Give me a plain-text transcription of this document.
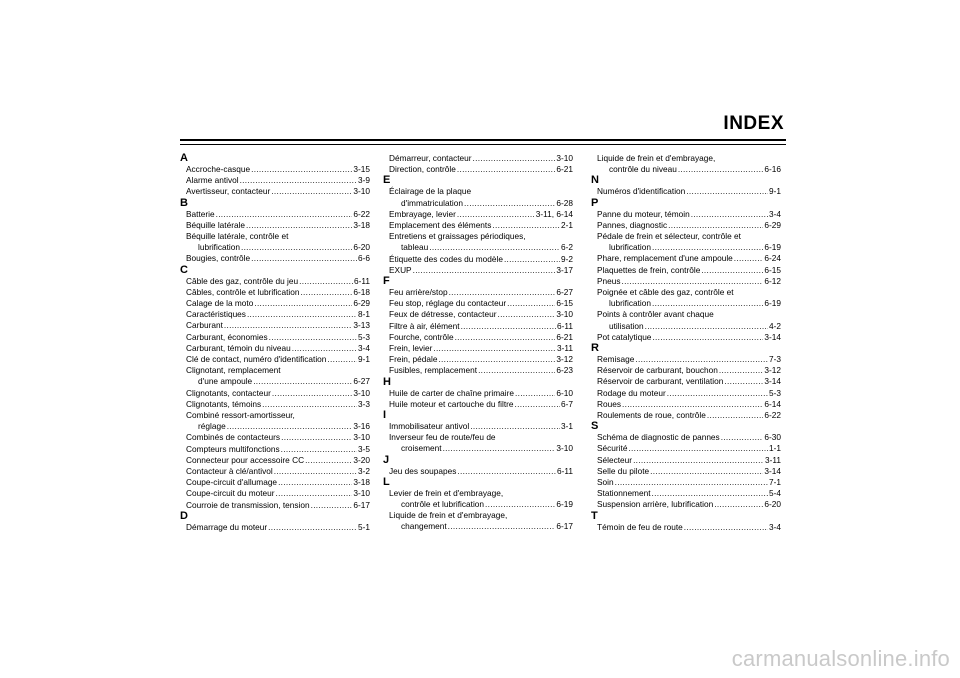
INDEX
A
Accroche-casque .....	3-15
Alarme antivol .....	3-9
Avertisseur, contacteur .....	3-10
B
Batterie .....	6-22
Béquille latérale .....	3-18
Béquille latérale, contrôle et
lubrification .....	6-20
Bougies, contrôle .....	6-6
C
Câble des gaz, contrôle du jeu .....	6-11
Câbles, contrôle et lubrification .....	6-18
Calage de la moto .....	6-29
Caractéristiques .....	8-1
Carburant .....	3-13
Carburant, économies .....	5-3
Carburant, témoin du niveau .....	3-4
Clé de contact, numéro d'identification .....	9-1
Clignotant, remplacement
d'une ampoule .....	6-27
Clignotants, contacteur .....	3-10
Clignotants, témoins .....	3-3
Combiné ressort-amortisseur,
réglage .....	3-16
Combinés de contacteurs .....	3-10
Compteurs multifonctions .....	3-5
Connecteur pour accessoire CC .....	3-20
Contacteur à clé/antivol .....	3-2
Coupe-circuit d'allumage .....	3-18
Coupe-circuit du moteur .....	3-10
Courroie de transmission, tension .....	6-17
D
Démarrage du moteur .....	5-1
Démarreur, contacteur .....	3-10
Direction, contrôle .....	6-21
E
Éclairage de la plaque
d'immatriculation .....	6-28
Embrayage, levier .....	3-11, 6-14
Emplacement des éléments .....	2-1
Entretiens et graissages périodiques,
tableau .....	6-2
Étiquette des codes du modèle .....	9-2
EXUP .....	3-17
F
Feu arrière/stop .....	6-27
Feu stop, réglage du contacteur .....	6-15
Feux de détresse, contacteur .....	3-10
Filtre à air, élément .....	6-11
Fourche, contrôle .....	6-21
Frein, levier .....	3-11
Frein, pédale .....	3-12
Fusibles, remplacement .....	6-23
H
Huile de carter de chaîne primaire .....	6-10
Huile moteur et cartouche du filtre .....	6-7
I
Immobilisateur antivol .....	3-1
Inverseur feu de route/feu de
croisement .....	3-10
J
Jeu des soupapes .....	6-11
L
Levier de frein et d'embrayage,
contrôle et lubrification .....	6-19
Liquide de frein et d'embrayage,
changement .....	6-17
Liquide de frein et d'embrayage,
contrôle du niveau .....	6-16
N
Numéros d'identification .....	9-1
P
Panne du moteur, témoin .....	3-4
Pannes, diagnostic .....	6-29
Pédale de frein et sélecteur, contrôle et
lubrification .....	6-19
Phare, remplacement d'une ampoule .....	6-24
Plaquettes de frein, contrôle .....	6-15
Pneus .....	6-12
Poignée et câble des gaz, contrôle et
lubrification .....	6-19
Points à contrôler avant chaque
utilisation .....	4-2
Pot catalytique .....	3-14
R
Remisage .....	7-3
Réservoir de carburant, bouchon .....	3-12
Réservoir de carburant, ventilation .....	3-14
Rodage du moteur .....	5-3
Roues .....	6-14
Roulements de roue, contrôle .....	6-22
S
Schéma de diagnostic de pannes .....	6-30
Sécurité .....	1-1
Sélecteur .....	3-11
Selle du pilote .....	3-14
Soin .....	7-1
Stationnement .....	5-4
Suspension arrière, lubrification .....	6-20
T
Témoin de feu de route .....	3-4
carmanualsonline.info
